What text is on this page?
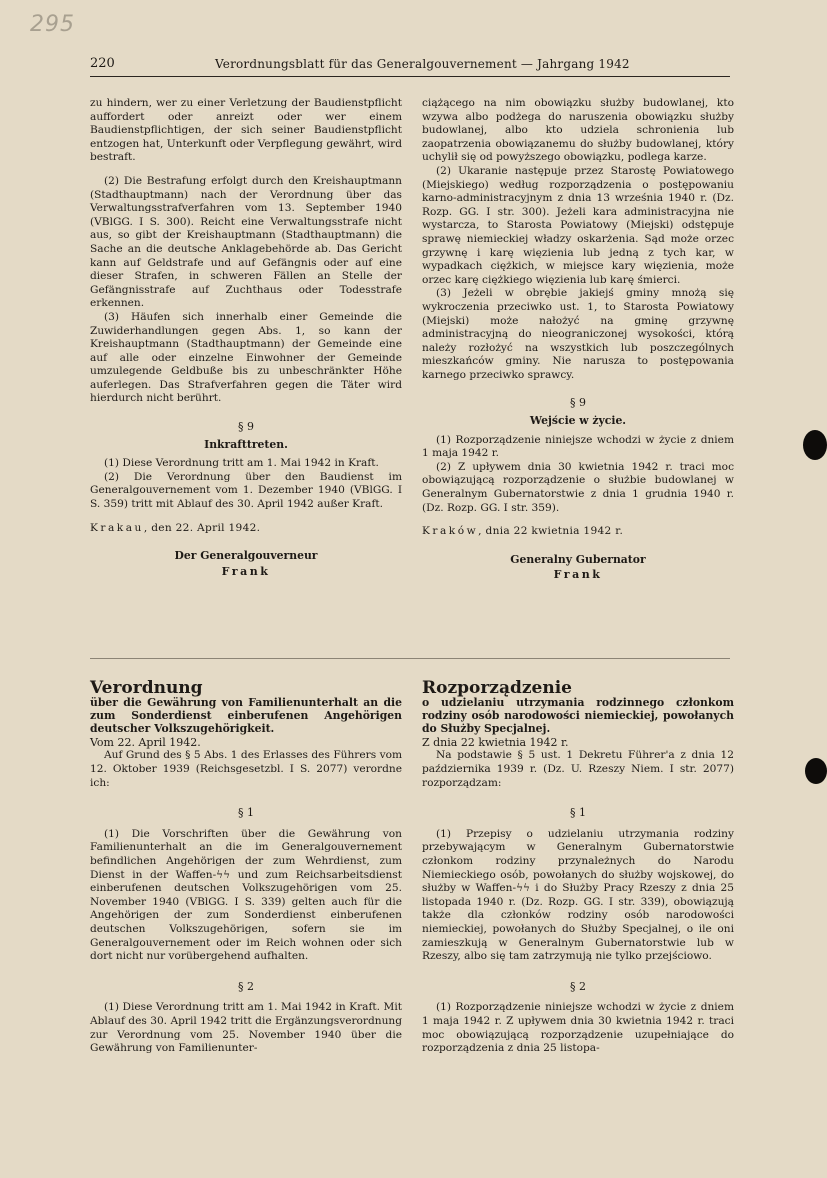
295
220	Verordnungsblatt für das Generalgouvernement — Jahrgang 1942

zu hindern, wer zu einer Verletzung der Baudienstpflicht auffordert oder anreizt oder wer einem Baudienstpflichtigen, der sich seiner Baudienstpflicht entzogen hat, Unterkunft oder Verpflegung gewährt, wird bestraft.

(2) Die Bestrafung erfolgt durch den Kreishauptmann (Stadthauptmann) nach der Verordnung über das Verwaltungsstrafverfahren vom 13. September 1940 (VBlGG. I S. 300). Reicht eine Verwaltungsstrafe nicht aus, so gibt der Kreishauptmann (Stadthauptmann) die Sache an die deutsche Anklagebehörde ab. Das Gericht kann auf Geldstrafe und auf Gefängnis oder auf eine dieser Strafen, in schweren Fällen an Stelle der Gefängnisstrafe auf Zuchthaus oder Todesstrafe erkennen.

(3) Häufen sich innerhalb einer Gemeinde die Zuwiderhandlungen gegen Abs. 1, so kann der Kreishauptmann (Stadthauptmann) der Gemeinde eine auf alle oder einzelne Einwohner der Gemeinde umzulegende Geldbuße bis zu unbeschränkter Höhe auferlegen. Das Strafverfahren gegen die Täter wird hierdurch nicht berührt.

§ 9

Inkrafttreten.

(1) Diese Verordnung tritt am 1. Mai 1942 in Kraft.

(2) Die Verordnung über den Baudienst im Generalgouvernement vom 1. Dezember 1940 (VBlGG. I S. 359) tritt mit Ablauf des 30. April 1942 außer Kraft.

Krakau, den 22. April 1942.

Der Generalgouverneur

Frank

ciążącego na nim obowiązku służby budowlanej, kto wzywa albo podżega do naruszenia obowiązku służby budowlanej, albo kto udziela schronienia lub zaopatrzenia obowiązanemu do służby budowlanej, który uchylił się od powyższego obowiązku, podlega karze.

(2) Ukaranie następuje przez Starostę Powiatowego (Miejskiego) według rozporządzenia o postępowaniu karno-administracyjnym z dnia 13 września 1940 r. (Dz. Rozp. GG. I str. 300). Jeżeli kara administracyjna nie wystarcza, to Starosta Powiatowy (Miejski) odstępuje sprawę niemieckiej władzy oskarżenia. Sąd może orzec grzywnę i karę więzienia lub jedną z tych kar, w wypadkach ciężkich, w miejsce kary więzienia, może orzec karę ciężkiego więzienia lub karę śmierci.

(3) Jeżeli w obrębie jakiejś gminy mnożą się wykroczenia przeciwko ust. 1, to Starosta Powiatowy (Miejski) może nałożyć na gminę grzywnę administracyjną do nieograniczonej wysokości, którą należy rozłożyć na wszystkich lub poszczególnych mieszkańców gminy. Nie narusza to postępowania karnego przeciwko sprawcy.

§ 9

Wejście w życie.

(1) Rozporządzenie niniejsze wchodzi w życie z dniem 1 maja 1942 r.

(2) Z upływem dnia 30 kwietnia 1942 r. traci moc obowiązującą rozporządzenie o służbie budowlanej w Generalnym Gubernatorstwie z dnia 1 grudnia 1940 r. (Dz. Rozp. GG. I str. 359).

Kraków, dnia 22 kwietnia 1942 r.

Generalny Gubernator

Frank

Verordnung

über die Gewährung von Familienunterhalt an die zum Sonderdienst einberufenen Angehörigen deutscher Volkszugehörigkeit.

Vom 22. April 1942.

Auf Grund des § 5 Abs. 1 des Erlasses des Führers vom 12. Oktober 1939 (Reichsgesetzbl. I S. 2077) verordne ich:

§ 1

(1) Die Vorschriften über die Gewährung von Familienunterhalt an die im Generalgouvernement befindlichen Angehörigen der zum Wehrdienst, zum Dienst in der Waffen-ϟϟ und zum Reichsarbeitsdienst einberufenen deutschen Volkszugehörigen vom 25. November 1940 (VBlGG. I S. 339) gelten auch für die Angehörigen der zum Sonderdienst einberufenen deutschen Volkszugehörigen, sofern sie im Generalgouvernement oder im Reich wohnen oder sich dort nicht nur vorübergehend aufhalten.

§ 2

(1) Diese Verordnung tritt am 1. Mai 1942 in Kraft. Mit Ablauf des 30. April 1942 tritt die Ergänzungsverordnung zur Verordnung vom 25. November 1940 über die Gewährung von Familienunter-

Rozporządzenie

o udzielaniu utrzymania rodzinnego członkom rodziny osób narodowości niemieckiej, powołanych do Służby Specjalnej.

Z dnia 22 kwietnia 1942 r.

Na podstawie § 5 ust. 1 Dekretu Führer'a z dnia 12 października 1939 r. (Dz. U. Rzeszy Niem. I str. 2077) rozporządzam:

§ 1

(1) Przepisy o udzielaniu utrzymania rodziny przebywającym w Generalnym Gubernatorstwie członkom rodziny przynależnych do Narodu Niemieckiego osób, powołanych do służby wojskowej, do służby w Waffen-ϟϟ i do Służby Pracy Rzeszy z dnia 25 listopada 1940 r. (Dz. Rozp. GG. I str. 339), obowiązują także dla członków rodziny osób narodowości niemieckiej, powołanych do Służby Specjalnej, o ile oni zamieszkują w Generalnym Gubernatorstwie lub w Rzeszy, albo się tam zatrzymują nie tylko przejściowo.

§ 2

(1) Rozporządzenie niniejsze wchodzi w życie z dniem 1 maja 1942 r. Z upływem dnia 30 kwietnia 1942 r. traci moc obowiązującą rozporządzenie uzupełniające do rozporządzenia z dnia 25 listopa-
